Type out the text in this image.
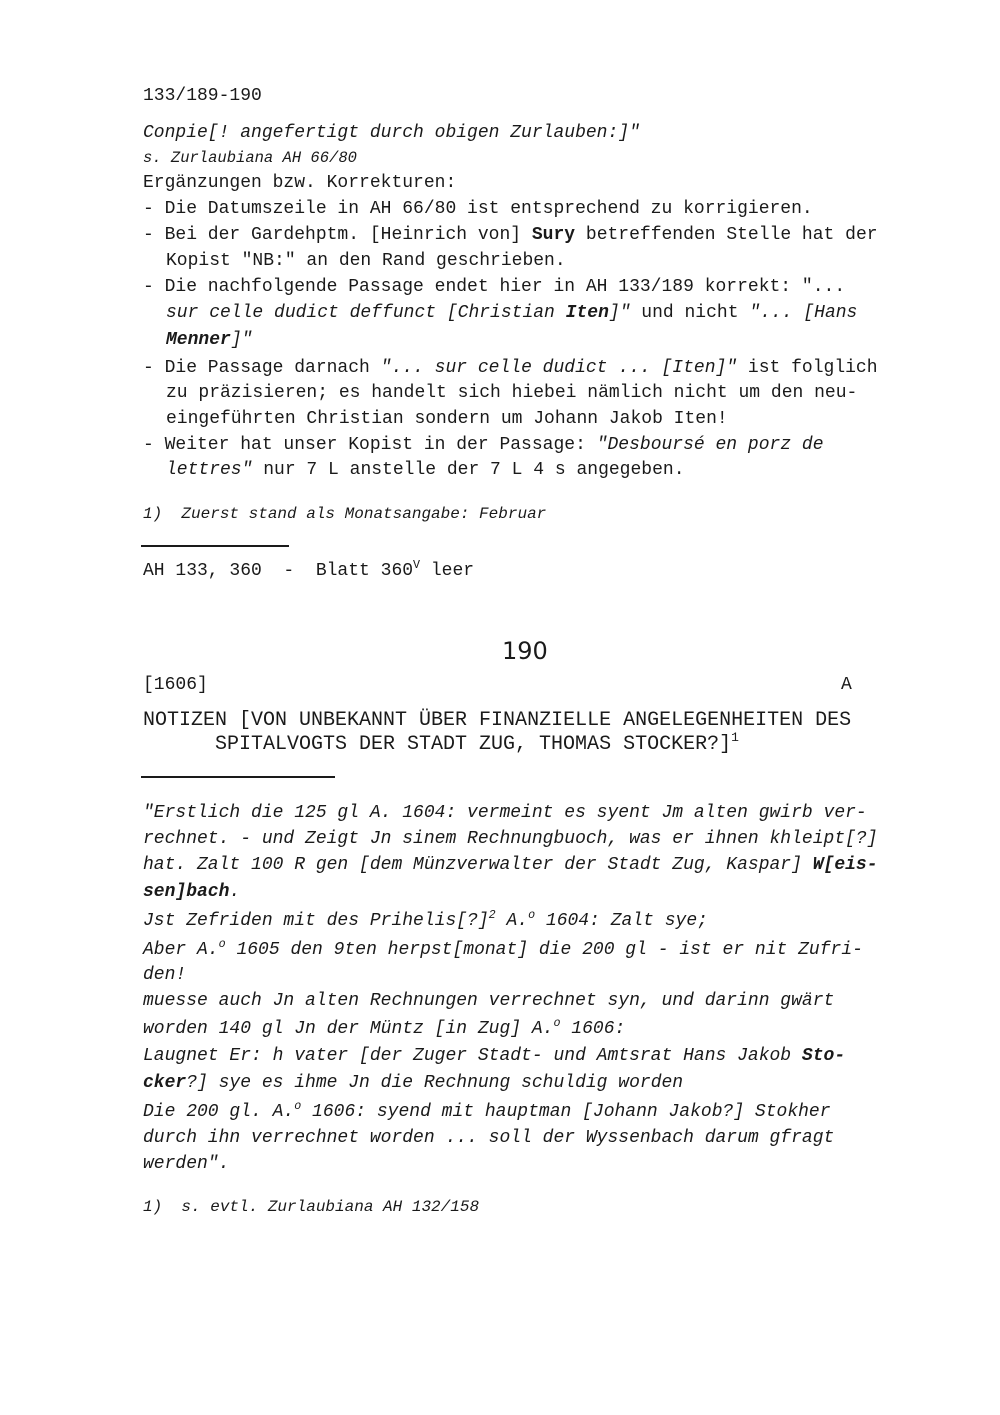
190
133/189-190
Conpie[! angefertigt durch obigen Zurlauben:]"
s. Zurlaubiana AH 66/80
Ergänzungen bzw. Korrekturen:
- Die Datumszeile in AH 66/80 ist entsprechend zu korrigieren.
- Bei der Gardehptm. [Heinrich von] Sury betreffenden Stelle hat der
Kopist "NB:" an den Rand geschrieben.
- Die nachfolgende Passage endet hier in AH 133/189 korrekt: "...
sur celle dudict deffunct [Christian Iten]" und nicht "... [Hans
Menner]"
- Die Passage darnach "... sur celle dudict ... [Iten]" ist folglich
zu präzisieren; es handelt sich hiebei nämlich nicht um den neu-
eingeführten Christian sondern um Johann Jakob Iten!
- Weiter hat unser Kopist in der Passage: "Desboursé en porz de
lettres" nur 7 L anstelle der 7 L 4 s angegeben.
1)  Zuerst stand als Monatsangabe: Februar
AH 133, 360  -  Blatt $360^V$ leer
[1606]	A
NOTIZEN [VON UNBEKANNT ÜBER FINANZIELLE ANGELEGENHEITEN DES
SPITALVOGTS DER STADT ZUG, THOMAS STOCKER?]$^1$
"Erstlich die 125 gl A. 1604: vermeint es syent Jm alten gwirb ver-
rechnet. - und Zeigt Jn sinem Rechnungbuoch, was er ihnen khleipt[?]
hat. Zalt 100 R gen [dem Münzverwalter der Stadt Zug, Kaspar] W[eis-
sen]bach.
Jst Zefriden mit des Prihelis[?]$^2$ A.$^o$ 1604: Zalt sye;
Aber A.$^o$ 1605 den 9ten herpst[monat] die 200 gl - ist er nit Zufri-
den!
muesse auch Jn alten Rechnungen verrechnet syn, und darinn gwärt
worden 140 gl Jn der Müntz [in Zug] A.$^o$ 1606:
Laugnet Er: h vater [der Zuger Stadt- und Amtsrat Hans Jakob Sto-
cker?] sye es ihme Jn die Rechnung schuldig worden
Die 200 gl. A.$^o$ 1606: syend mit hauptman [Johann Jakob?] Stokher
durch ihn verrechnet worden ... soll der Wyssenbach darum gfragt
werden".
1)  s. evtl. Zurlaubiana AH 132/158
